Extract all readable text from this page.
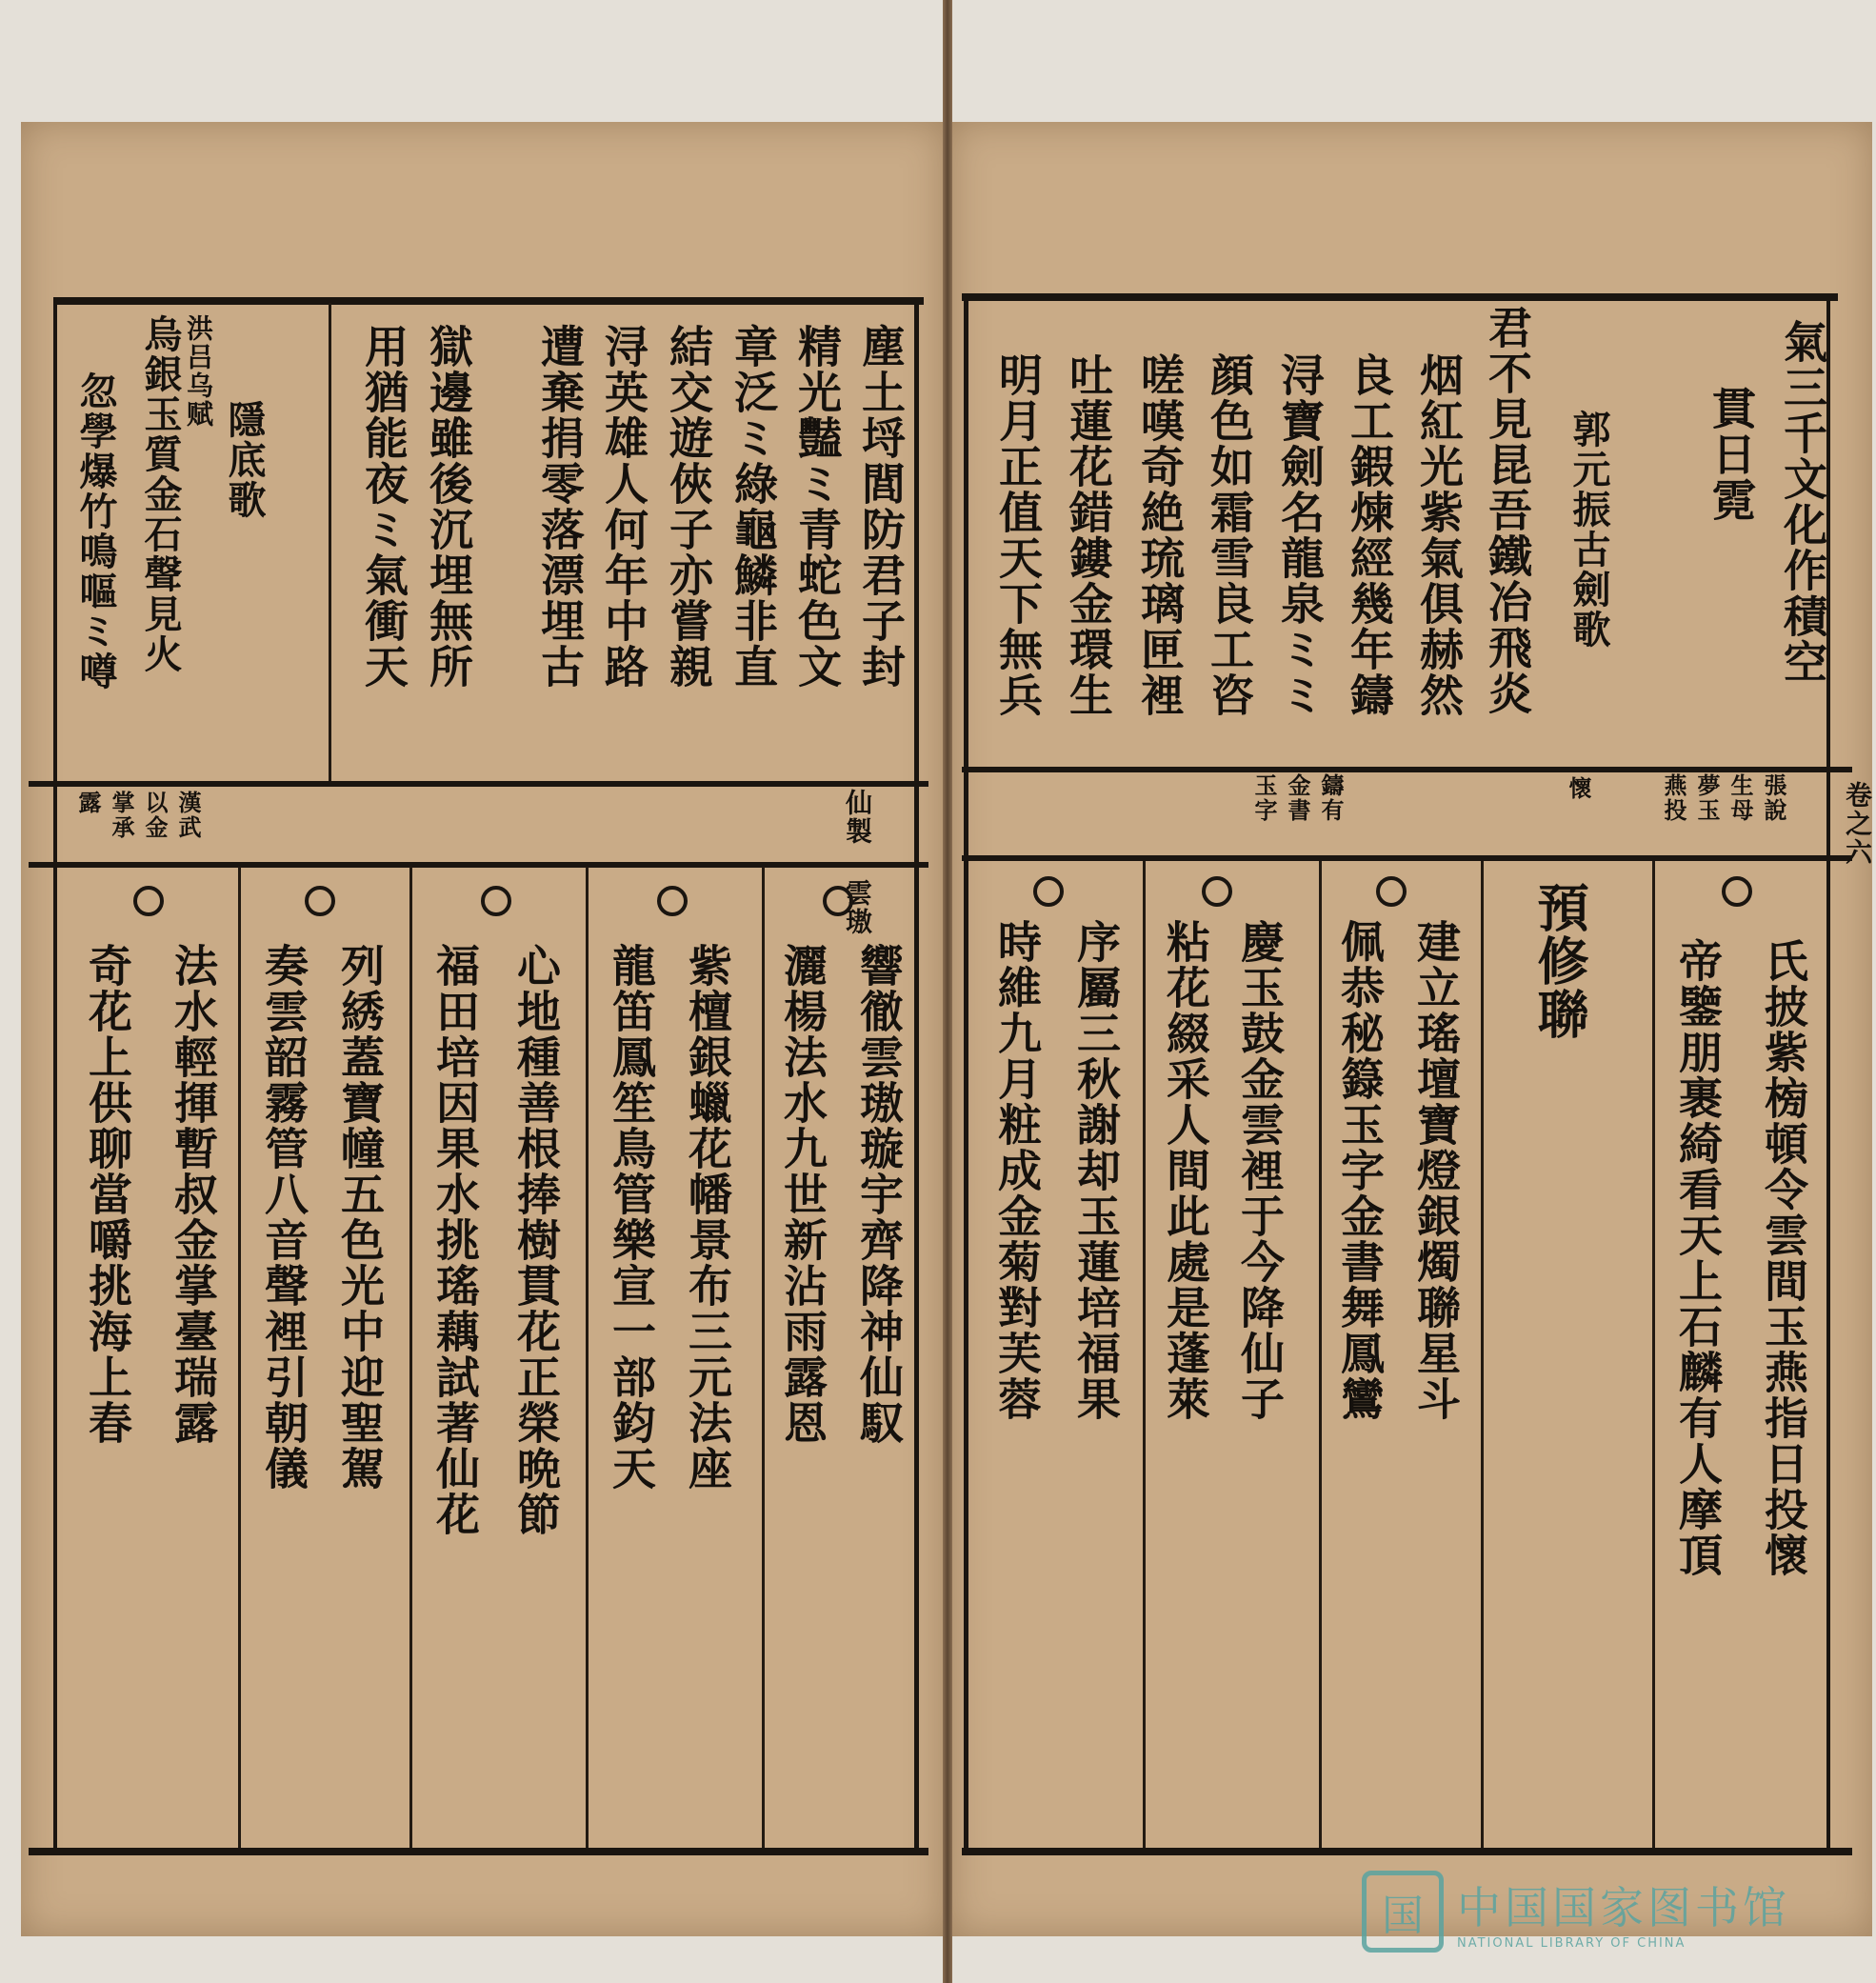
塵土埒閭防君子封
精光豔ミ青蛇色文
章泛ミ綠龜鱗非直
結交遊俠子亦嘗親
浔英雄人何年中路
遭棄捐零落漂埋古
獄邊雖後沉埋無所
用猶能夜ミ氣衝天
隱底歌
洪吕乌赋
烏銀玉質金石聲見火
忽學爆竹鳴嘔ミ噂
仙製 雲璈
漢武 以金 掌承 露
響徹雲璈璇宇齊降神仙馭
灑楊法水九世新沾雨露恩
紫檀銀蠟花幡景布三元法座
龍笛鳳笙鳥管樂宣一部鈞天
心地種善根捧樹貫花正榮晩節
福田培因果水挑瑤藕試著仙花
列綉蓋寶幢五色光中迎聖駕
奏雲韶霧管八音聲裡引朝儀
法水輕揮暫叔金掌臺瑞露
奇花上供聊當嚼挑海上春
氣三千文化作積空
貫日霓
郭元振古劍歌
君不見昆吾鐵冶飛炎
烟紅光紫氣俱赫然
良工鍜煉經幾年鑄
浔寶劍名龍泉ミミ
顔色如霜雪良工咨
嗟嘆奇絶琉璃匣裡
吐蓮花錯鏤金環生
明月正值天下無兵
張說 生母 夢玉 燕投
懷
鑄有 金書 玉字
預修聯	氏披紫㮄頓令雲間玉燕指日投懷
帝鑒朋裹綺看天上石麟有人摩頂
建立瑤壇寶燈銀燭聯星斗
佩恭秘籙玉字金書舞鳳鸞
慶玉鼓金雲裡于今降仙子
粘花綴采人間此處是蓬萊
序屬三秋謝却玉蓮培福果
時維九月粧成金菊對芙蓉
卷之六
国 中国国家图书馆
NATIONAL LIBRARY OF CHINA
